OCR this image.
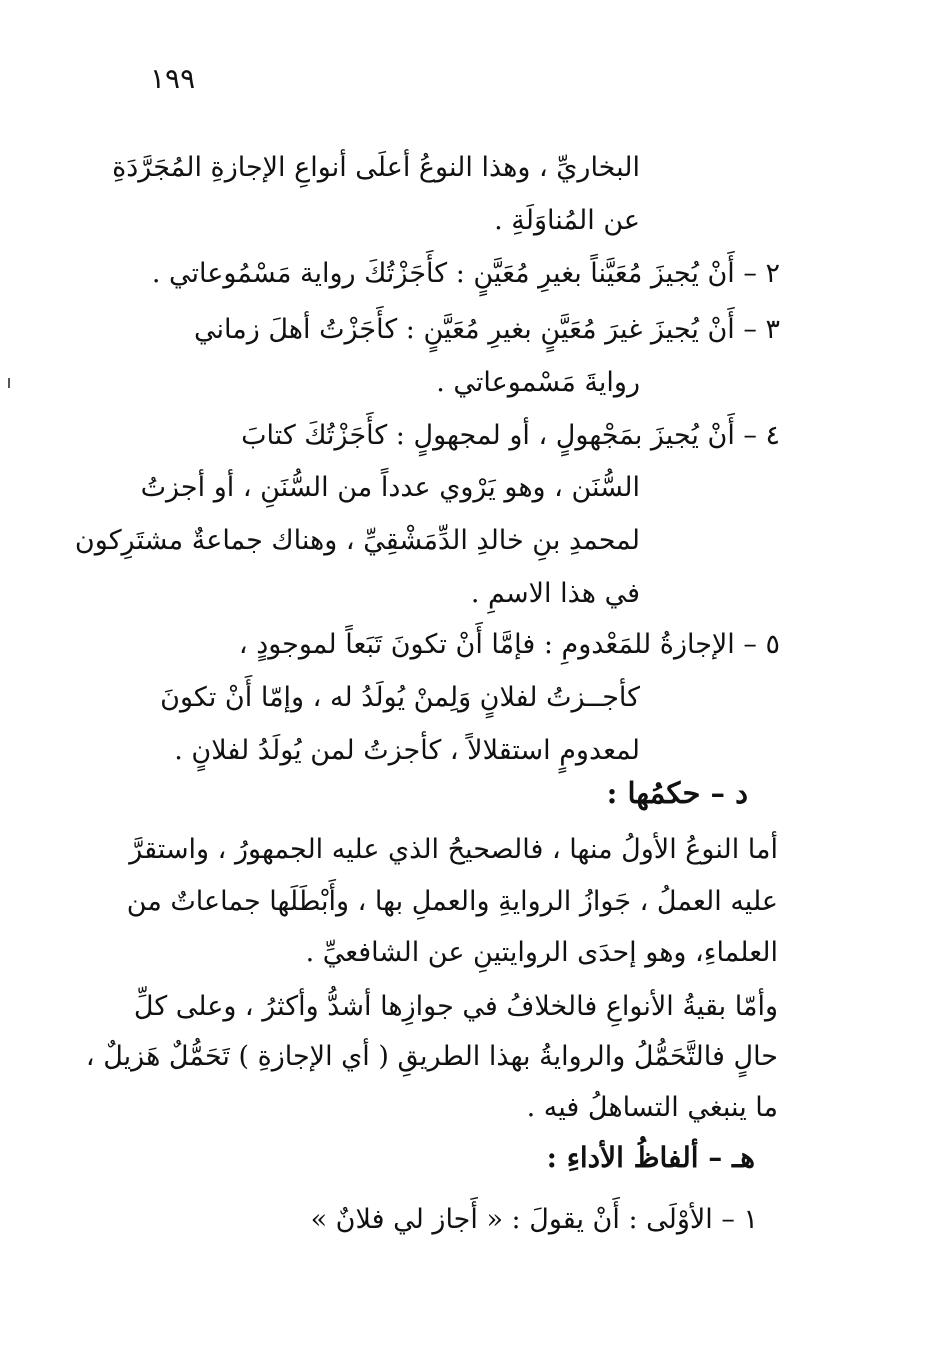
١٩٩
البخاريِّ ، وهذا النوعُ أعلَى أنواعِ الإجازةِ المُجَرَّدَةِ
عن المُناوَلَةِ .
٢ – أَنْ يُجيزَ مُعَيَّناً بغيرِ مُعَيَّنٍ : كأَجَزْتُكَ رواية مَسْمُوعاتي .
٣ – أَنْ يُجيزَ غيرَ مُعَيَّنٍ بغيرِ مُعَيَّنٍ : كأَجَزْتُ أهلَ زماني
روايةَ مَسْموعاتي .
٤ – أَنْ يُجيزَ بمَجْهولٍ ، أو لمجهولٍ : كأَجَزْتُكَ كتابَ
السُّنَن ، وهو يَرْوي عدداً من السُّنَنِ ، أو أجزتُ
لمحمدِ بنِ خالدِ الدِّمَشْقِيِّ ، وهناك جماعةٌ مشتَرِكون
في هذا الاسمِ .
٥ – الإجازةُ للمَعْدومِ : فإمَّا أَنْ تكونَ تَبَعاً لموجودٍ ،
كأجــزتُ لفلانٍ وَلِمنْ يُولَدُ له ، وإمّا أَنْ تكونَ
لمعدومٍ استقلالاً ، كأجزتُ لمن يُولَدُ لفلانٍ .
د – حكمُها :
أما النوعُ الأولُ منها ، فالصحيحُ الذي عليه الجمهورُ ، واستقرَّ
عليه العملُ ، جَوازُ الروايةِ والعملِ بها ، وأَبْطَلَها جماعاتٌ من
العلماءِ، وهو إحدَى الروايتينِ عن الشافعيِّ .
وأمّا بقيةُ الأنواعِ فالخلافُ في جوازِها أشدُّ وأكثرُ ، وعلى كلِّ
حالٍ فالتَّحَمُّلُ والروايةُ بهذا الطريقِ ( أي الإجازةِ ) تَحَمُّلٌ هَزيلٌ ،
ما ينبغي التساهلُ فيه .
هـ – ألفاظُ الأداءِ :
١ – الأوْلَى : أَنْ يقولَ : « أَجاز لي فلانٌ »
